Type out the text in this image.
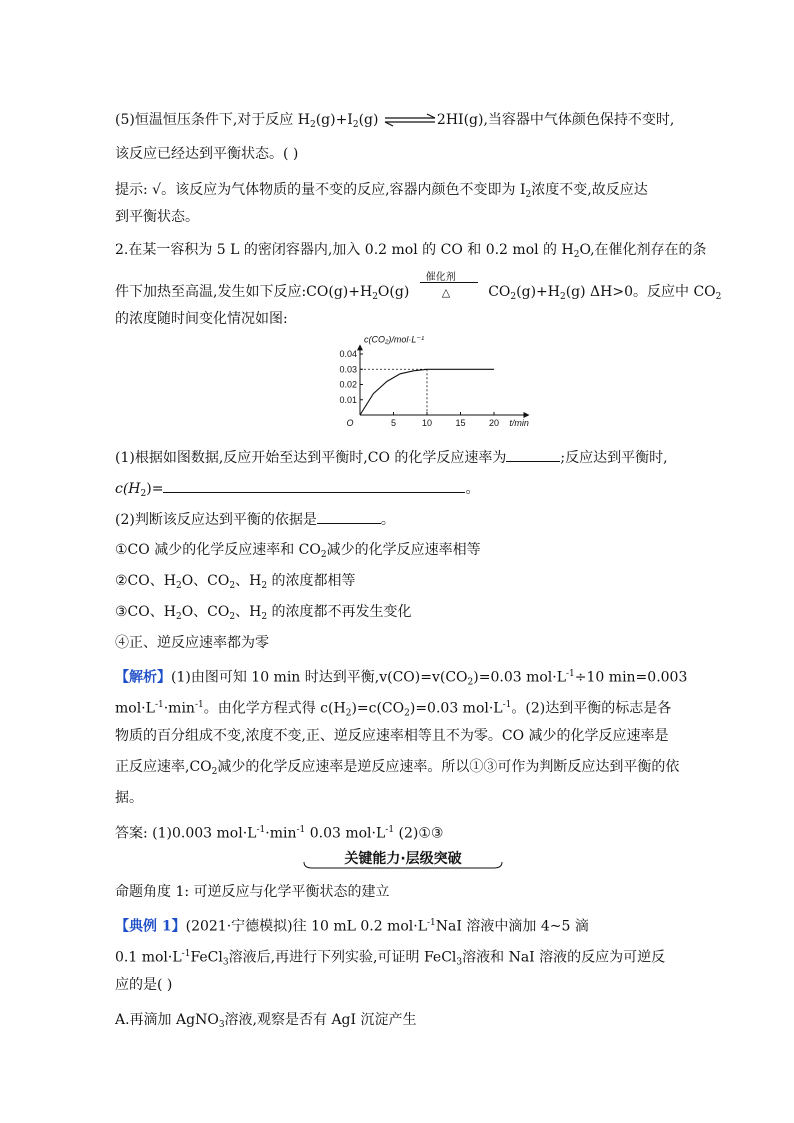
(5)恒温恒压条件下,对于反应 $H_2(g)+I_2(g)$ ⇌2HI(g),当容器中气体颜色保持不变时,
该反应已经达到平衡状态。( )
提示: √。该反应为气体物质的量不变的反应,容器内颜色不变即为 $I_2$浓度不变,故反应达
到平衡状态。
2.在某一容积为 5 L 的密闭容器内,加入 0.2 mol 的 CO 和 0.2 mol 的 $H_2O$,在催化剂存在的条
件下加热至高温,发生如下反应$:CO(g)+H_2O(g)$
催化剂
△	$CO_2(g)+H_2(g)$ ΔH>0。反应中 $CO_2$
的浓度随时间变化情况如图:
0.01
0.02
0.03
0.04
5	10	15	20
O	t/min
c(CO₂)/mol·L⁻¹
(1)根据如图数据,反应开始至达到平衡时,CO 的化学反应速率为	;反应达到平衡时,
$c(H_2)=$	。
(2)判断该反应达到平衡的依据是	。
①CO 减少的化学反应速率和 $CO_2$减少的化学反应速率相等
②CO、$H_2O$、$CO_2$、$H_2$ 的浓度都相等
③CO、$H_2O$、$CO_2$、$H_2$ 的浓度都不再发生变化
④正、逆反应速率都为零
【解析】(1)由图可知 10 min 时达到平衡$,v(CO)=v(CO_2)=0.03$ $mol\cdot L^{-1}\div 10$ min=0.003
$mol\cdot L^{-1}\cdot\min^{-1}$。由化学方程式得 $c(H_2)=c(CO_2)=0.03$ $mol\cdot L^{-1}$。(2)达到平衡的标志是各
物质的百分组成不变,浓度不变,正、逆反应速率相等且不为零。CO 减少的化学反应速率是
正反应速率$,CO_2$减少的化学反应速率是逆反应速率。所以①③可作为判断反应达到平衡的依
据。
答案: (1)0.003 $mol\cdot L^{-1}\cdot\min^{-1}$ 0.03 $mol\cdot L^{-1}$ (2)①③
关键能力·层级突破
命题角度 1: 可逆反应与化学平衡状态的建立
【典例 1】(2021·宁德模拟)往 10 mL 0.2 $mol\cdot L^{-1}NaI$ 溶液中滴加 4~5 滴
0.1 $mol\cdot L^{-1}FeCl_3$溶液后,再进行下列实验,可证明 FeCl$_3$溶液和 NaI 溶液的反应为可逆反
应的是( )
A.再滴加 AgNO$_3$溶液,观察是否有 AgI 沉淀产生
